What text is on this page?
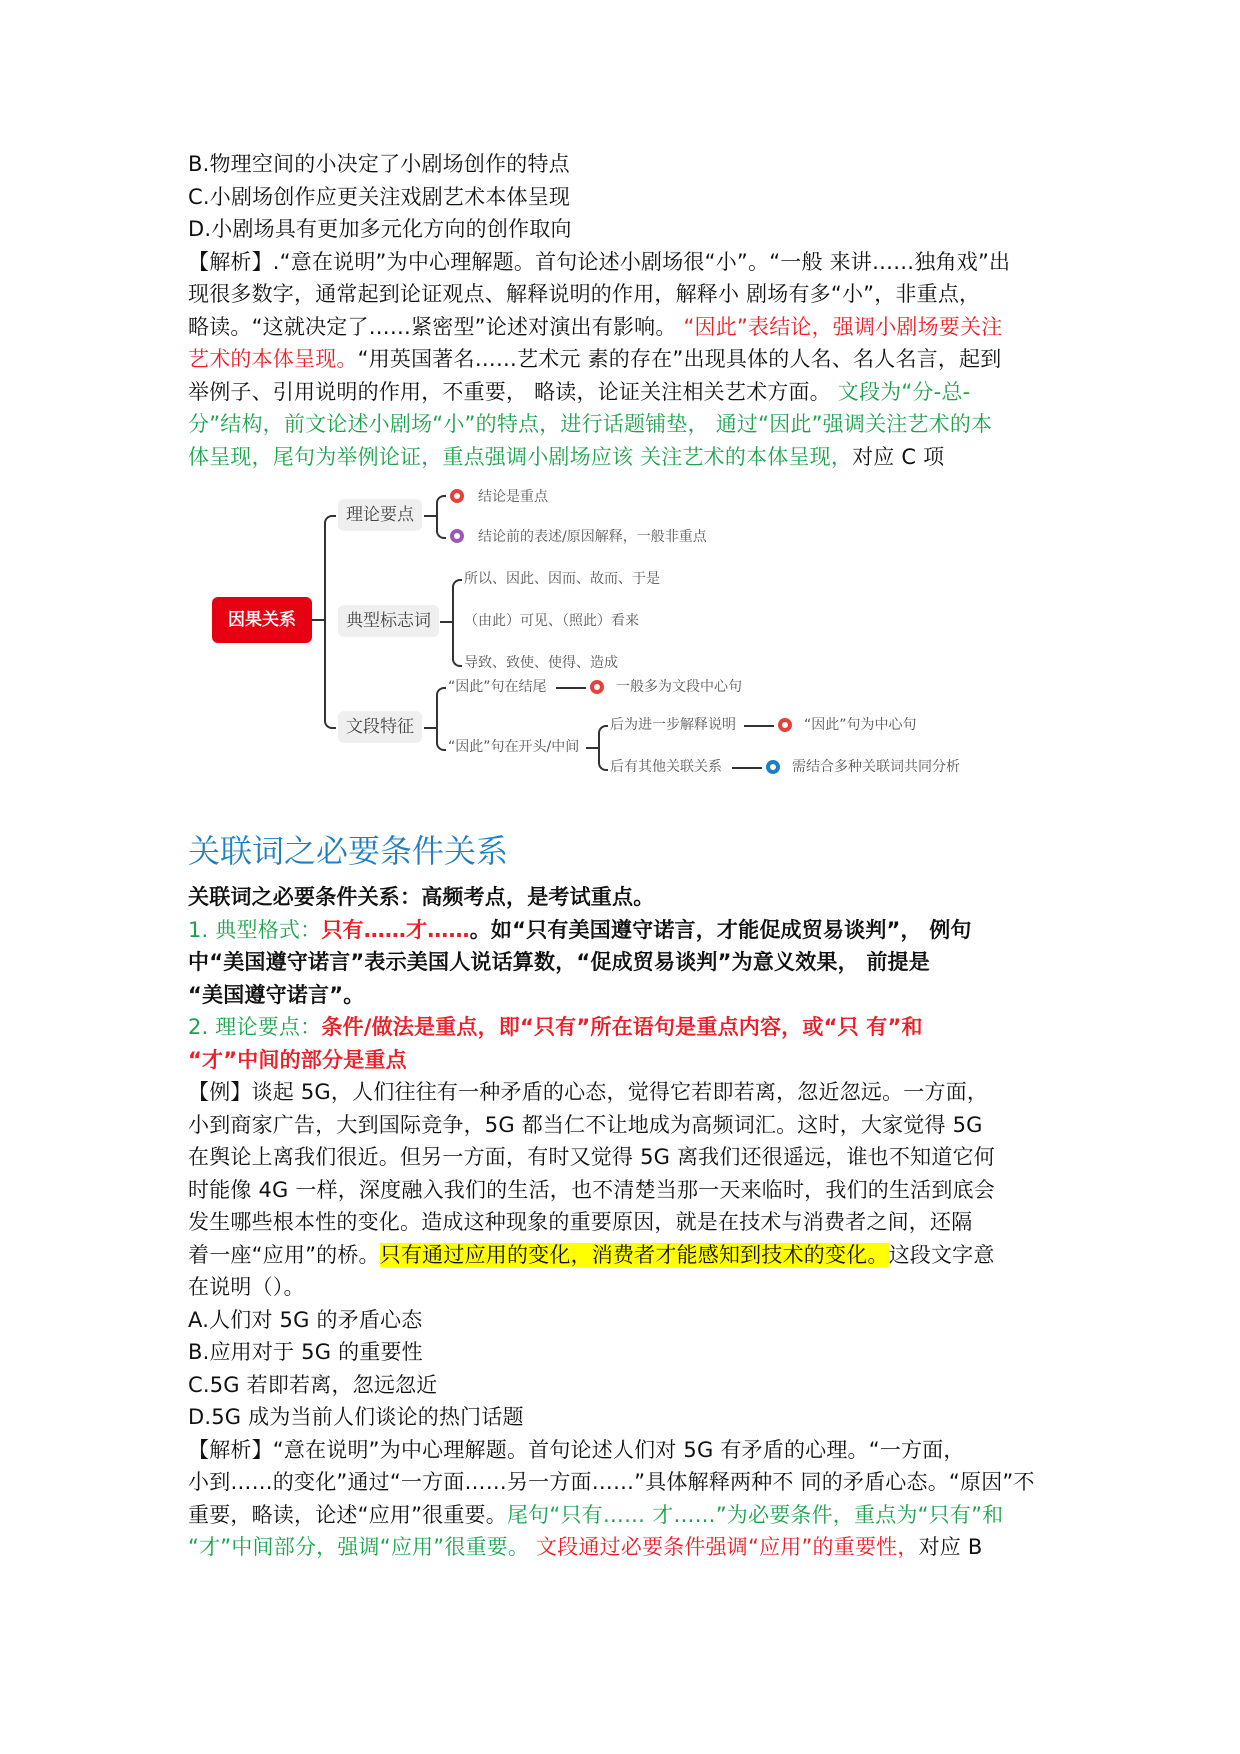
B.物理空间的小决定了小剧场创作的特点
C.小剧场创作应更关注戏剧艺术本体呈现
D.小剧场具有更加多元化方向的创作取向
【解析】.“意在说明”为中心理解题。首句论述小剧场很“小”。“一般 来讲……独角戏”出
现很多数字，通常起到论证观点、解释说明的作用，解释小 剧场有多“小”，非重点，
略读。“这就决定了……紧密型”论述对演出有影响。 “因此”表结论，强调小剧场要关注
艺术的本体呈现。“用英国著名……艺术元 素的存在”出现具体的人名、名人名言，起到
举例子、引用说明的作用，不重要， 略读，论证关注相关艺术方面。 文段为“分-总-
分”结构，前文论述小剧场“小”的特点，进行话题铺垫， 通过“因此”强调关注艺术的本
体呈现，尾句为举例论证，重点强调小剧场应该 关注艺术的本体呈现，对应 C 项
因果关系
理论要点
结论是重点
结论前的表述/原因解释，一般非重点
典型标志词
所以、因此、因而、故而、于是
（由此）可见、（照此）看来
导致、致使、使得、造成
文段特征
“因此”句在结尾	一般多为文段中心句
“因此”句在开头/中间
后为进一步解释说明	“因此”句为中心句
后有其他关联关系	需结合多种关联词共同分析
关联词之必要条件关系
关联词之必要条件关系：高频考点，是考试重点。
1. 典型格式：只有……才……。如“只有美国遵守诺言，才能促成贸易谈判”， 例句
中“美国遵守诺言”表示美国人说话算数，“促成贸易谈判”为意义效果， 前提是
“美国遵守诺言”。
2. 理论要点：条件/做法是重点，即“只有”所在语句是重点内容，或“只 有”和
“才”中间的部分是重点
【例】谈起 5G，人们往往有一种矛盾的心态，觉得它若即若离，忽近忽远。一方面，
小到商家广告，大到国际竞争，5G 都当仁不让地成为高频词汇。这时，大家觉得 5G
在舆论上离我们很近。但另一方面，有时又觉得 5G 离我们还很遥远，谁也不知道它何
时能像 4G 一样，深度融入我们的生活，也不清楚当那一天来临时，我们的生活到底会
发生哪些根本性的变化。造成这种现象的重要原因，就是在技术与消费者之间，还隔
着一座“应用”的桥。只有通过应用的变化，消费者才能感知到技术的变化。这段文字意
在说明（）。
A.人们对 5G 的矛盾心态
B.应用对于 5G 的重要性
C.5G 若即若离，忽远忽近
D.5G 成为当前人们谈论的热门话题
【解析】“意在说明”为中心理解题。首句论述人们对 5G 有矛盾的心理。“一方面，
小到……的变化”通过“一方面……另一方面……”具体解释两种不 同的矛盾心态。“原因”不
重要，略读，论述“应用”很重要。尾句“只有…… 才……”为必要条件，重点为“只有”和
“才”中间部分，强调“应用”很重要。 文段通过必要条件强调“应用”的重要性，对应 B
